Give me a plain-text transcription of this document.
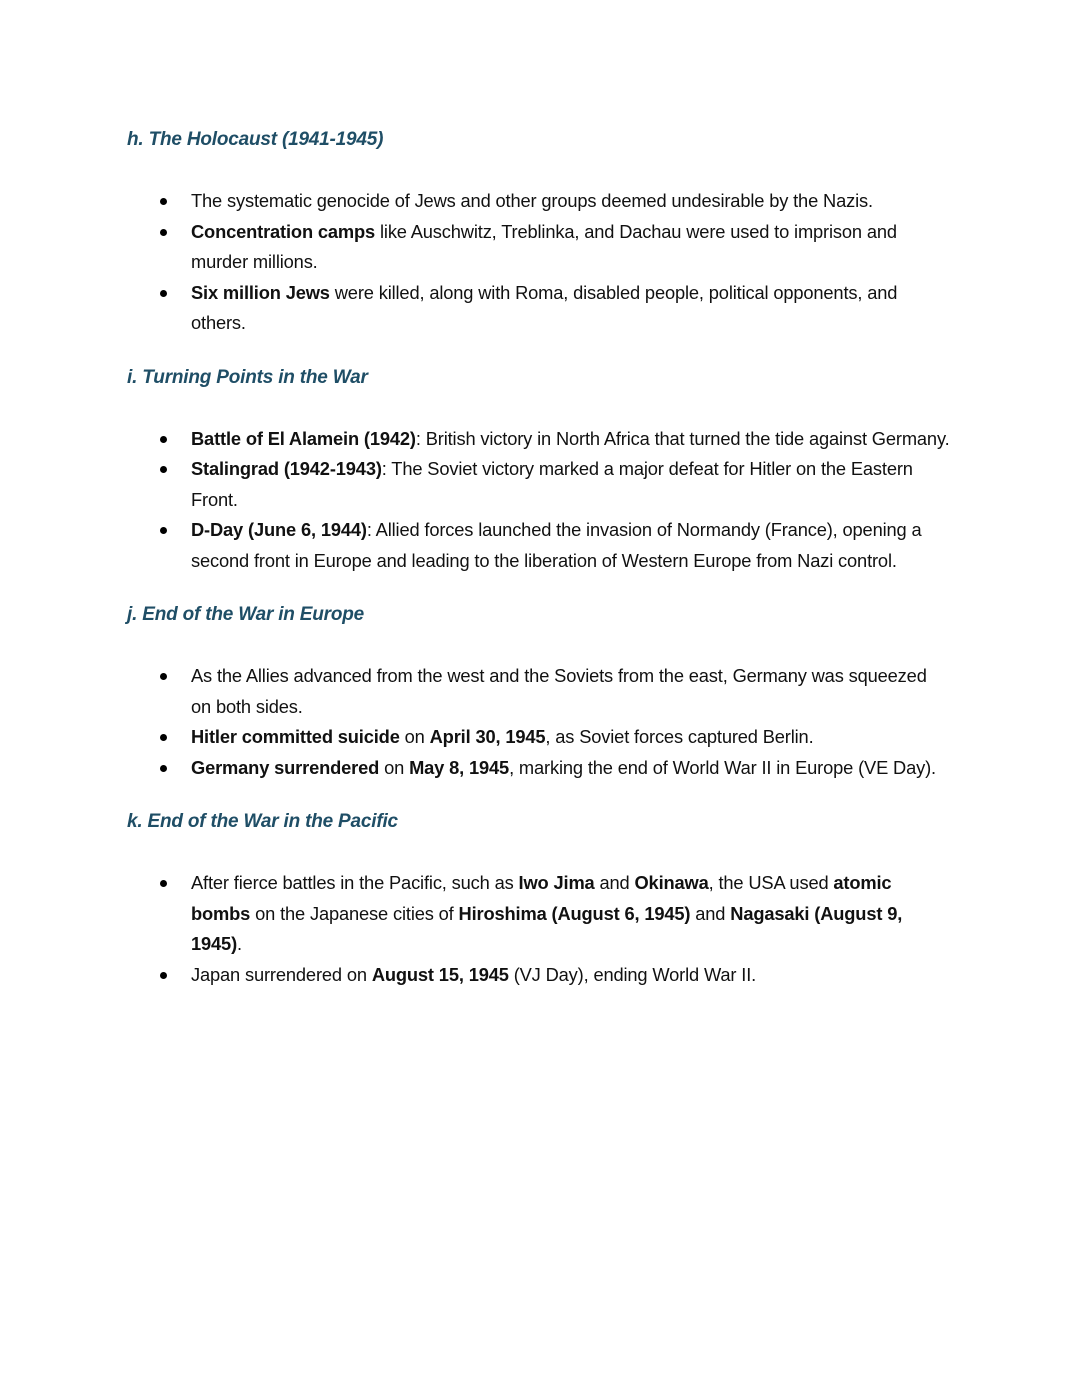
h. The Holocaust (1941-1945)
The systematic genocide of Jews and other groups deemed undesirable by the Nazis.
Concentration camps like Auschwitz, Treblinka, and Dachau were used to imprison and murder millions.
Six million Jews were killed, along with Roma, disabled people, political opponents, and others.
i. Turning Points in the War
Battle of El Alamein (1942): British victory in North Africa that turned the tide against Germany.
Stalingrad (1942-1943): The Soviet victory marked a major defeat for Hitler on the Eastern Front.
D-Day (June 6, 1944): Allied forces launched the invasion of Normandy (France), opening a second front in Europe and leading to the liberation of Western Europe from Nazi control.
j. End of the War in Europe
As the Allies advanced from the west and the Soviets from the east, Germany was squeezed on both sides.
Hitler committed suicide on April 30, 1945, as Soviet forces captured Berlin.
Germany surrendered on May 8, 1945, marking the end of World War II in Europe (VE Day).
k. End of the War in the Pacific
After fierce battles in the Pacific, such as Iwo Jima and Okinawa, the USA used atomic bombs on the Japanese cities of Hiroshima (August 6, 1945) and Nagasaki (August 9, 1945).
Japan surrendered on August 15, 1945 (VJ Day), ending World War II.
